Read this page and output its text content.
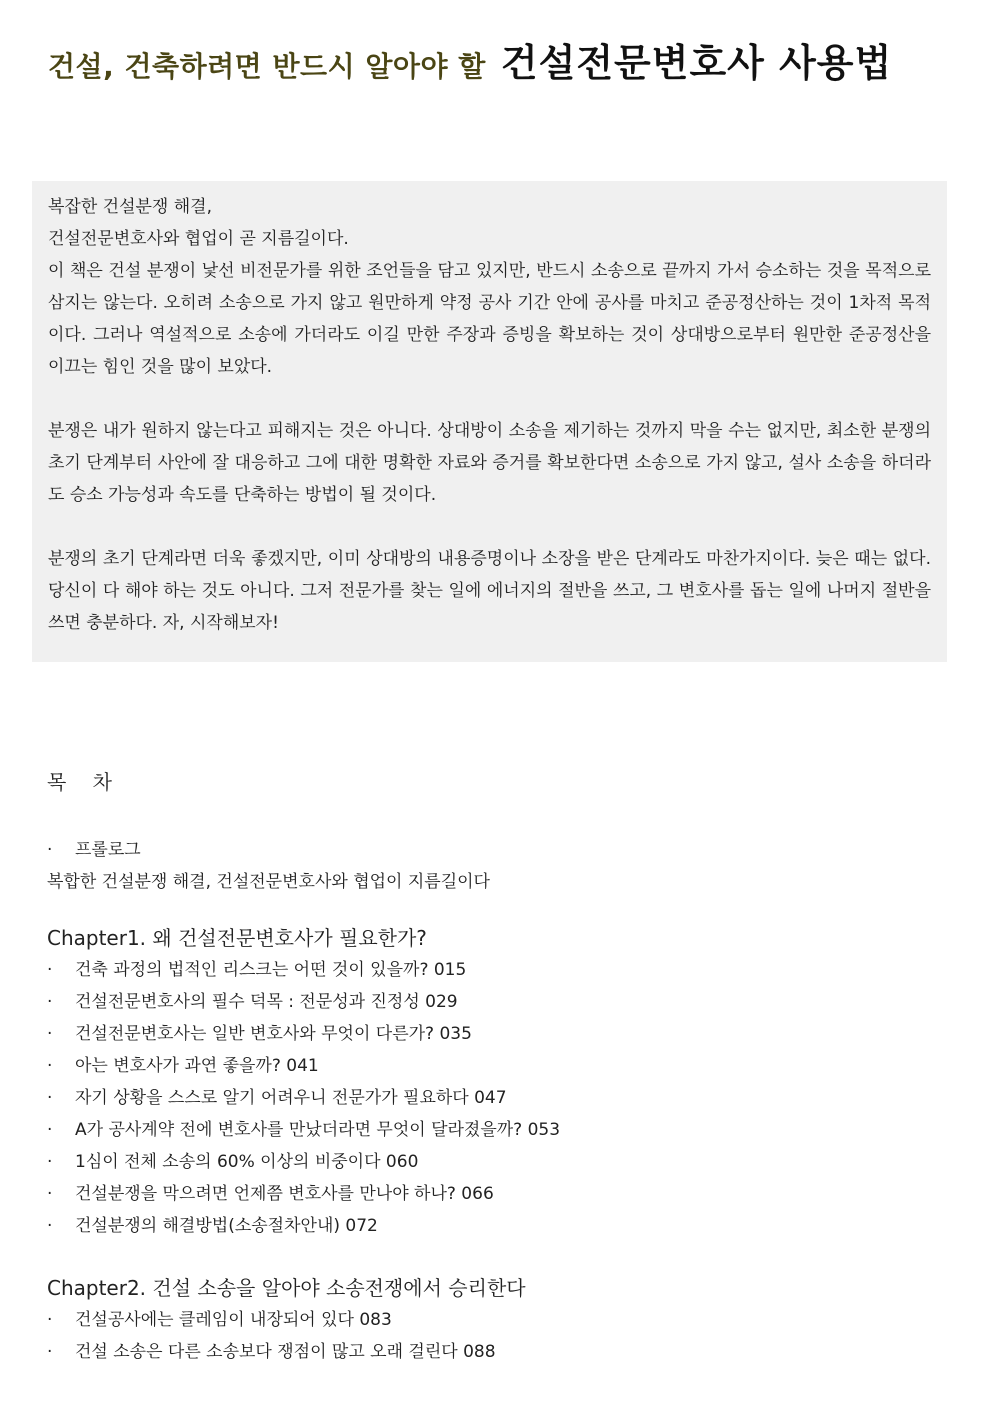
건설, 건축하려면 반드시 알아야 할 건설전문변호사 사용법

복잡한 건설분쟁 해결,
건설전문변호사와 협업이 곧 지름길이다.
이 책은 건설 분쟁이 낯선 비전문가를 위한 조언들을 담고 있지만, 반드시 소송으로 끝까지 가서 승소하는 것을 목적으로 삼지는 않는다. 오히려 소송으로 가지 않고 원만하게 약정 공사 기간 안에 공사를 마치고 준공정산하는 것이 1차적 목적이다. 그러나 역설적으로 소송에 가더라도 이길 만한 주장과 증빙을 확보하는 것이 상대방으로부터 원만한 준공정산을 이끄는 힘인 것을 많이 보았다.

분쟁은 내가 원하지 않는다고 피해지는 것은 아니다. 상대방이 소송을 제기하는 것까지 막을 수는 없지만, 최소한 분쟁의 초기 단계부터 사안에 잘 대응하고 그에 대한 명확한 자료와 증거를 확보한다면 소송으로 가지 않고, 설사 소송을 하더라도 승소 가능성과 속도를 단축하는 방법이 될 것이다.

분쟁의 초기 단계라면 더욱 좋겠지만, 이미 상대방의 내용증명이나 소장을 받은 단계라도 마찬가지이다. 늦은 때는 없다. 당신이 다 해야 하는 것도 아니다. 그저 전문가를 찾는 일에 에너지의 절반을 쓰고, 그 변호사를 돕는 일에 나머지 절반을 쓰면 충분하다. 자, 시작해보자!

목 차
· 프롤로그
복합한 건설분쟁 해결, 건설전문변호사와 협업이 지름길이다
Chapter1. 왜 건설전문변호사가 필요한가?
· 건축 과정의 법적인 리스크는 어떤 것이 있을까? 015
· 건설전문변호사의 필수 덕목 : 전문성과 진정성 029
· 건설전문변호사는 일반 변호사와 무엇이 다른가? 035
· 아는 변호사가 과연 좋을까? 041
· 자기 상황을 스스로 알기 어려우니 전문가가 필요하다 047
· A가 공사계약 전에 변호사를 만났더라면 무엇이 달라졌을까? 053
· 1심이 전체 소송의 60% 이상의 비중이다 060
· 건설분쟁을 막으려면 언제쯤 변호사를 만나야 하나? 066
· 건설분쟁의 해결방법(소송절차안내) 072
Chapter2. 건설 소송을 알아야 소송전쟁에서 승리한다
· 건설공사에는 클레임이 내장되어 있다 083
· 건설 소송은 다른 소송보다 쟁점이 많고 오래 걸린다 088
